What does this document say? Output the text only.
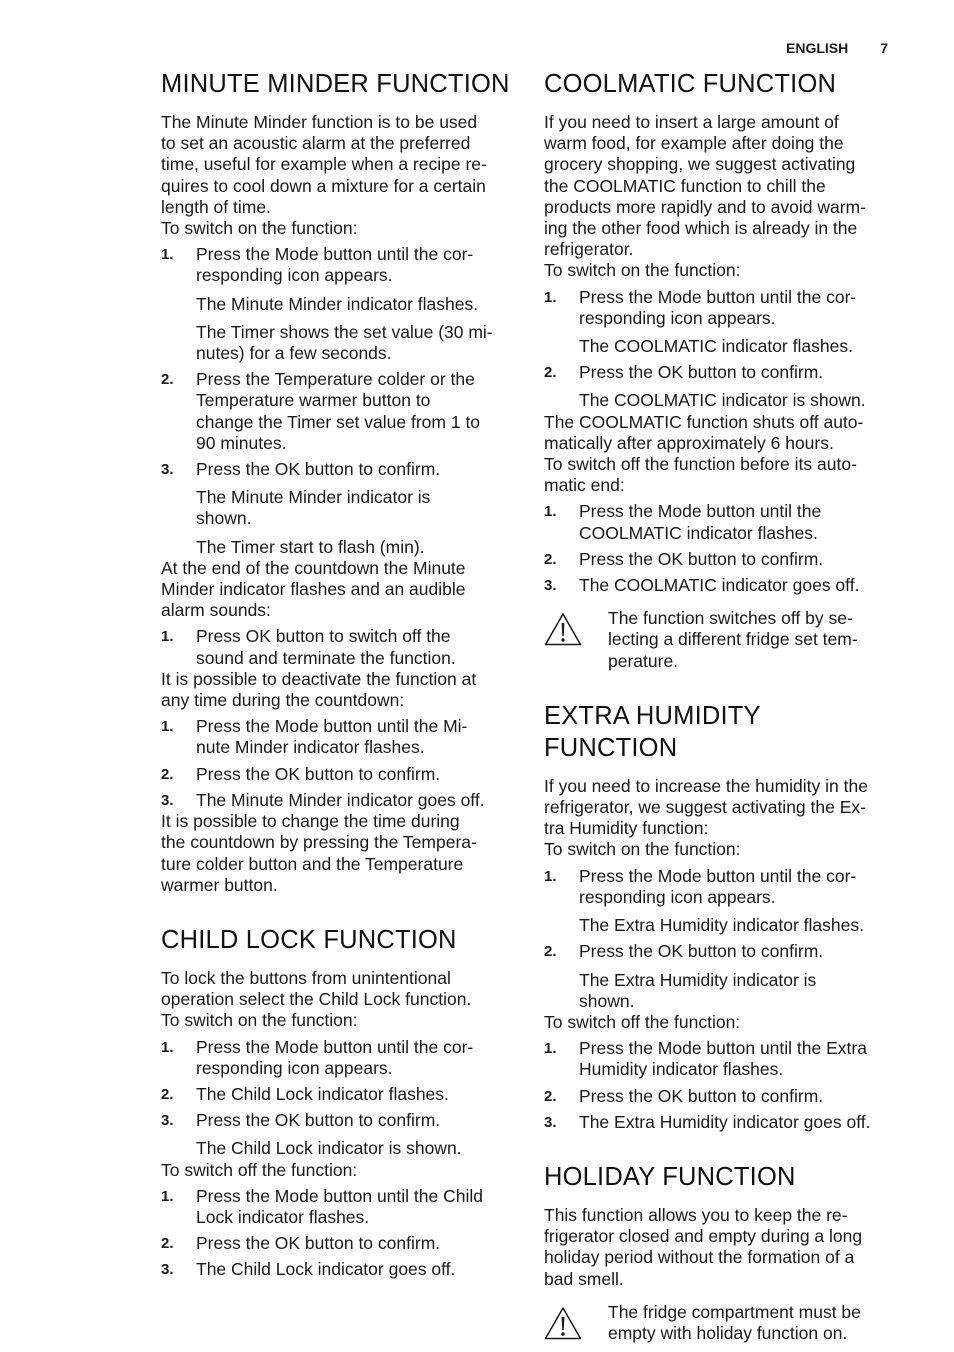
ENGLISH 7
MINUTE MINDER FUNCTION

The Minute Minder function is to be used
to set an acoustic alarm at the preferred
time, useful for example when a recipe re-
quires to cool down a mixture for a certain
length of time.
To switch on the function:

1.	Press the Mode button until the cor-
responding icon appears.

The Minute Minder indicator flashes.

The Timer shows the set value (30 mi-
nutes) for a few seconds.

2.	Press the Temperature colder or the
Temperature warmer button to
change the Timer set value from 1 to
90 minutes.
3.	Press the OK button to confirm.

The Minute Minder indicator is
shown.

The Timer start to flash (min).

At the end of the countdown the Minute
Minder indicator flashes and an audible
alarm sounds:

1.	Press OK button to switch off the
sound and terminate the function.

It is possible to deactivate the function at
any time during the countdown:

1.	Press the Mode button until the Mi-
nute Minder indicator flashes.
2.	Press the OK button to confirm.
3.	The Minute Minder indicator goes off.

It is possible to change the time during
the countdown by pressing the Tempera-
ture colder button and the Temperature
warmer button.

CHILD LOCK FUNCTION

To lock the buttons from unintentional
operation select the Child Lock function.
To switch on the function:

1.	Press the Mode button until the cor-
responding icon appears.
2.	The Child Lock indicator flashes.
3.	Press the OK button to confirm.

The Child Lock indicator is shown.

To switch off the function:

1.	Press the Mode button until the Child
Lock indicator flashes.
2.	Press the OK button to confirm.
3.	The Child Lock indicator goes off.
COOLMATIC FUNCTION

If you need to insert a large amount of
warm food, for example after doing the
grocery shopping, we suggest activating
the COOLMATIC function to chill the
products more rapidly and to avoid warm-
ing the other food which is already in the
refrigerator.
To switch on the function:

1.	Press the Mode button until the cor-
responding icon appears.

The COOLMATIC indicator flashes.

2.	Press the OK button to confirm.

The COOLMATIC indicator is shown.

The COOLMATIC function shuts off auto-
matically after approximately 6 hours.
To switch off the function before its auto-
matic end:

1.	Press the Mode button until the
COOLMATIC indicator flashes.
2.	Press the OK button to confirm.
3.	The COOLMATIC indicator goes off.
The function switches off by se-
lecting a different fridge set tem-
perature.
EXTRA HUMIDITY FUNCTION

If you need to increase the humidity in the
refrigerator, we suggest activating the Ex-
tra Humidity function:
To switch on the function:

1.	Press the Mode button until the cor-
responding icon appears.

The Extra Humidity indicator flashes.

2.	Press the OK button to confirm.

The Extra Humidity indicator is
shown.

To switch off the function:

1.	Press the Mode button until the Extra
Humidity indicator flashes.
2.	Press the OK button to confirm.
3.	The Extra Humidity indicator goes off.
HOLIDAY FUNCTION

This function allows you to keep the re-
frigerator closed and empty during a long
holiday period without the formation of a
bad smell.

The fridge compartment must be
empty with holiday function on.
